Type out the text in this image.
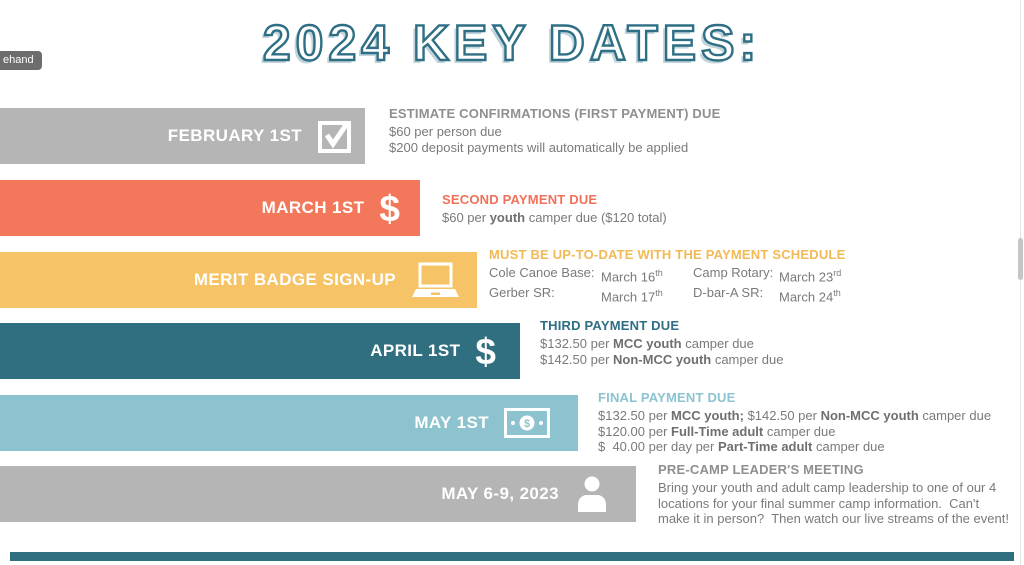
ehand	2024 KEY DATES:
FEBRUARY 1ST
ESTIMATE CONFIRMATIONS (FIRST PAYMENT) DUE
$60 per person due
$200 deposit payments will automatically be applied
MARCH 1ST $	SECOND PAYMENT DUE
$60 per youth camper due ($120 total)
MERIT BADGE SIGN-UP
MUST BE UP-TO-DATE WITH THE PAYMENT SCHEDULE
Cole Canoe Base: March 16th	Camp Rotary: March 23rd
Gerber SR:	March 17th	D-bar-A SR:	March 24th
APRIL 1ST $
THIRD PAYMENT DUE
$132.50 per MCC youth camper due
$142.50 per Non-MCC youth camper due
MAY 1ST	$
FINAL PAYMENT DUE
$132.50 per MCC youth; $142.50 per Non-MCC youth camper due
$120.00 per Full-Time adult camper due
$  40.00 per day per Part-Time adult camper due
MAY 6-9, 2023
PRE-CAMP LEADER'S MEETING
Bring your youth and adult camp leadership to one of our 4
locations for your final summer camp information.  Can't
make it in person?  Then watch our live streams of the event!
